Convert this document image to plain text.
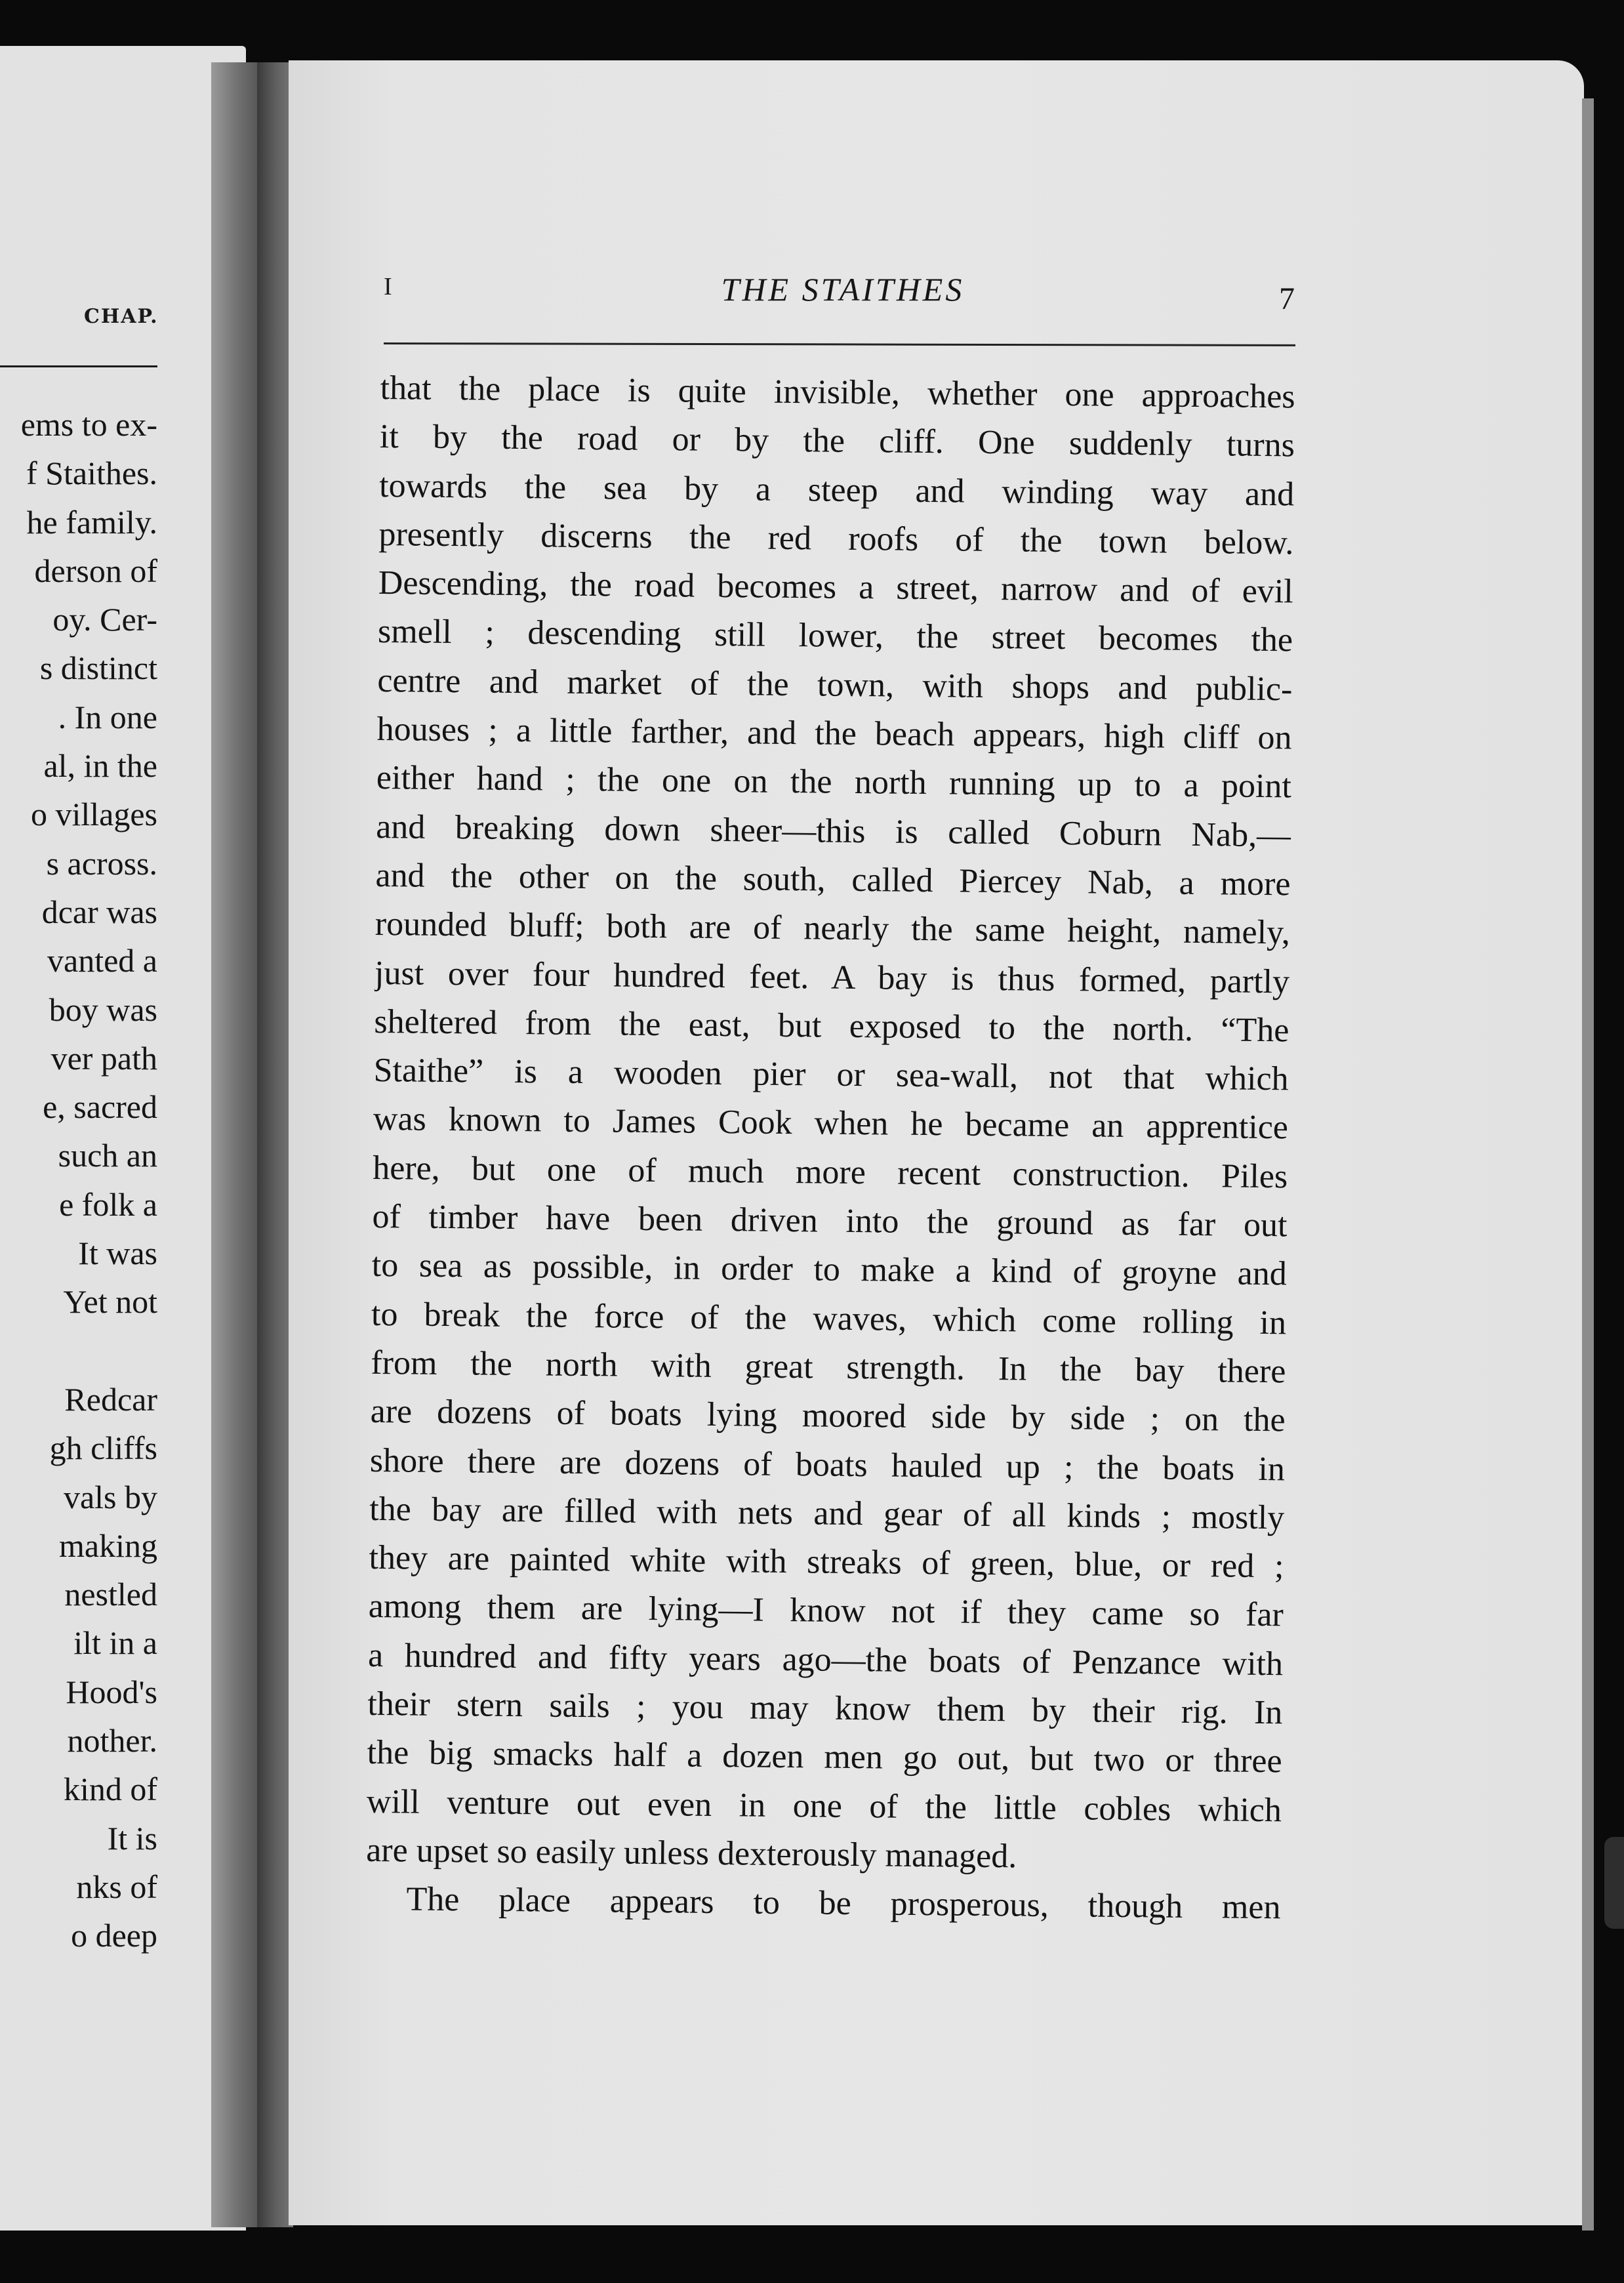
CHAP.
ems to ex-
f Staithes.
he family.
derson of
oy. Cer-
s distinct
. In one
al, in the
o villages
s across.
dcar was
vanted a
boy was
ver path
e, sacred
such an
e folk a
It was
Yet not
Redcar
gh cliffs
vals by
making
nestled
ilt in a
Hood's
nother.
kind of
It is
nks of
o deep
I	THE STAITHES	7
that the place is quite invisible, whether one approaches
it by the road or by the cliff. One suddenly turns
towards the sea by a steep and winding way and
presently discerns the red roofs of the town below.
Descending, the road becomes a street, narrow and of evil
smell ; descending still lower, the street becomes the
centre and market of the town, with shops and public-
houses ; a little farther, and the beach appears, high cliff on
either hand ; the one on the north running up to a point
and breaking down sheer—this is called Coburn Nab,—
and the other on the south, called Piercey Nab, a more
rounded bluff; both are of nearly the same height, namely,
just over four hundred feet. A bay is thus formed, partly
sheltered from the east, but exposed to the north. “The
Staithe” is a wooden pier or sea-wall, not that which
was known to James Cook when he became an apprentice
here, but one of much more recent construction. Piles
of timber have been driven into the ground as far out
to sea as possible, in order to make a kind of groyne and
to break the force of the waves, which come rolling in
from the north with great strength. In the bay there
are dozens of boats lying moored side by side ; on the
shore there are dozens of boats hauled up ; the boats in
the bay are filled with nets and gear of all kinds ; mostly
they are painted white with streaks of green, blue, or red ;
among them are lying—I know not if they came so far
a hundred and fifty years ago—the boats of Penzance with
their stern sails ; you may know them by their rig. In
the big smacks half a dozen men go out, but two or three
will venture out even in one of the little cobles which
are upset so easily unless dexterously managed.
The place appears to be prosperous, though men
